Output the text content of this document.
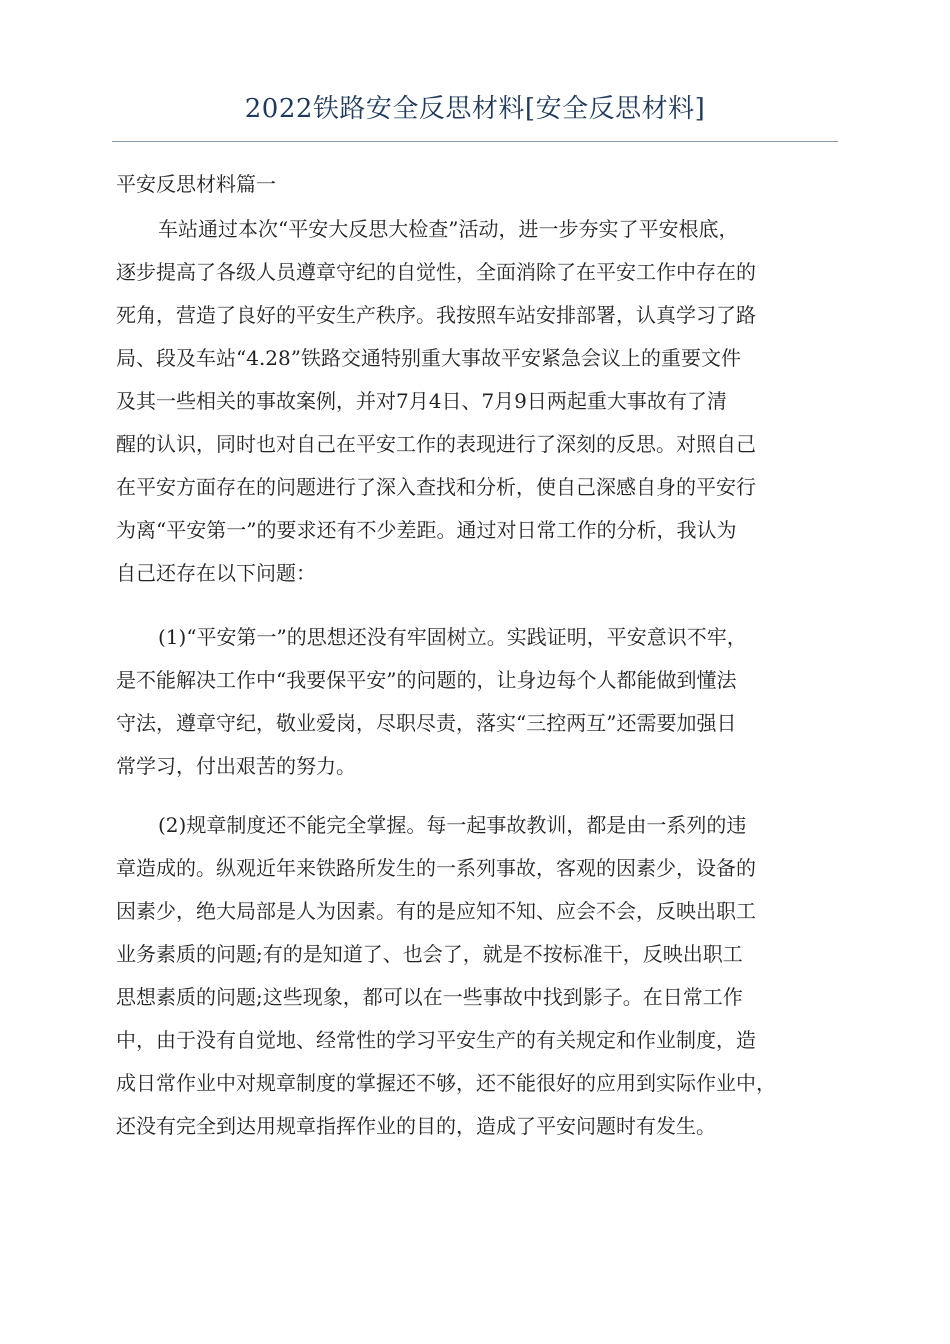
2022铁路安全反思材料[安全反思材料]
平安反思材料篇一
车站通过本次“平安大反思大检查”活动，进一步夯实了平安根底，
逐步提高了各级人员遵章守纪的自觉性，全面消除了在平安工作中存在的
死角，营造了良好的平安生产秩序。我按照车站安排部署，认真学习了路
局、段及车站“4.28”铁路交通特别重大事故平安紧急会议上的重要文件
及其一些相关的事故案例，并对7月4日、7月9日两起重大事故有了清
醒的认识，同时也对自己在平安工作的表现进行了深刻的反思。对照自己
在平安方面存在的问题进行了深入查找和分析，使自己深感自身的平安行
为离“平安第一”的要求还有不少差距。通过对日常工作的分析，我认为
自己还存在以下问题：
(1)“平安第一”的思想还没有牢固树立。实践证明，平安意识不牢，
是不能解决工作中“我要保平安”的问题的，让身边每个人都能做到懂法
守法，遵章守纪，敬业爱岗，尽职尽责，落实“三控两互”还需要加强日
常学习，付出艰苦的努力。
(2)规章制度还不能完全掌握。每一起事故教训，都是由一系列的违
章造成的。纵观近年来铁路所发生的一系列事故，客观的因素少，设备的
因素少，绝大局部是人为因素。有的是应知不知、应会不会，反映出职工
业务素质的问题;有的是知道了、也会了，就是不按标准干，反映出职工
思想素质的问题;这些现象，都可以在一些事故中找到影子。在日常工作
中，由于没有自觉地、经常性的学习平安生产的有关规定和作业制度，造
成日常作业中对规章制度的掌握还不够，还不能很好的应用到实际作业中，
还没有完全到达用规章指挥作业的目的，造成了平安问题时有发生。
